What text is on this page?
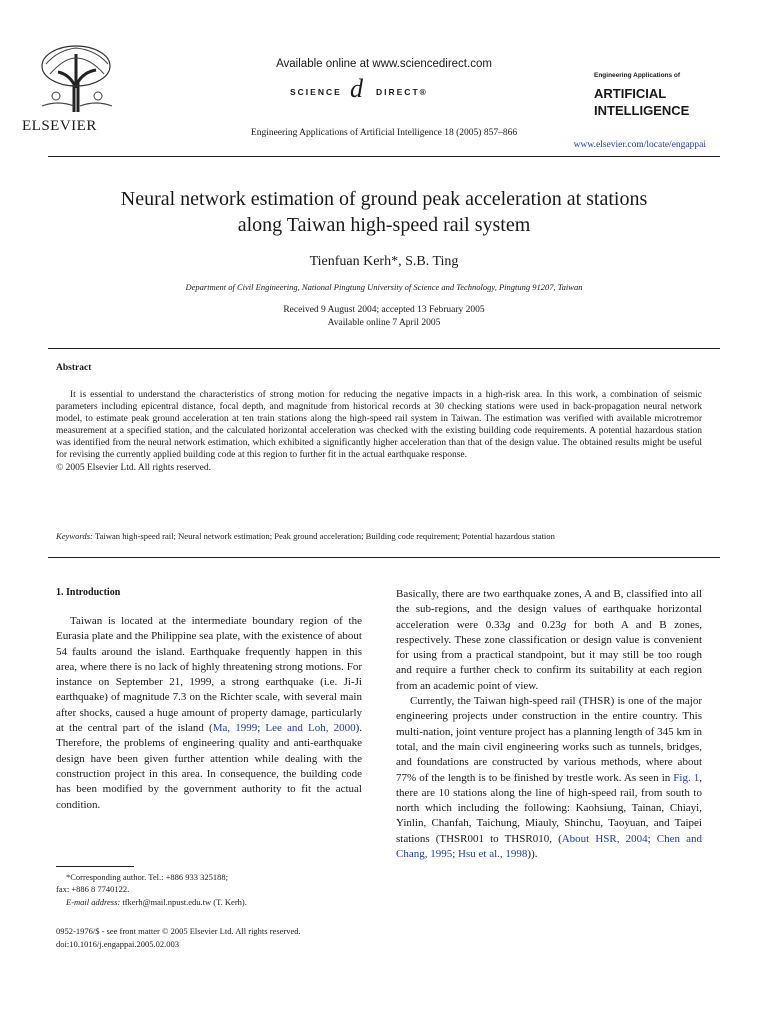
ELSEVIER
Available online at www.sciencedirect.com
SCIENCE d DIRECT®
Engineering Applications of Artificial Intelligence 18 (2005) 857–866
Engineering Applications of
ARTIFICIAL
INTELLIGENCE
www.elsevier.com/locate/engappai
Neural network estimation of ground peak acceleration at stations
along Taiwan high-speed rail system
Tienfuan Kerh*, S.B. Ting
Department of Civil Engineering, National Pingtung University of Science and Technology, Pingtung 91207, Taiwan
Received 9 August 2004; accepted 13 February 2005
Available online 7 April 2005
Abstract

It is essential to understand the characteristics of strong motion for reducing the negative impacts in a high-risk area. In this work, a combination of seismic parameters including epicentral distance, focal depth, and magnitude from historical records at 30 checking stations were used in back-propagation neural network model, to estimate peak ground acceleration at ten train stations along the high-speed rail system in Taiwan. The estimation was verified with available microtremor measurement at a specified station, and the calculated horizontal acceleration was checked with the existing building code requirements. A potential hazardous station was identified from the neural network estimation, which exhibited a significantly higher acceleration than that of the design value. The obtained results might be useful for revising the currently applied building code at this region to further fit in the actual earthquake response.

© 2005 Elsevier Ltd. All rights reserved.

Keywords: Taiwan high-speed rail; Neural network estimation; Peak ground acceleration; Building code requirement; Potential hazardous station
1. Introduction

Taiwan is located at the intermediate boundary region of the Eurasia plate and the Philippine sea plate, with the existence of about 54 faults around the island. Earthquake frequently happen in this area, where there is no lack of highly threatening strong motions. For instance on September 21, 1999, a strong earthquake (i.e. Ji-Ji earthquake) of magnitude 7.3 on the Richter scale, with several main after shocks, caused a huge amount of property damage, particularly at the central part of the island (Ma, 1999; Lee and Loh, 2000). Therefore, the problems of engineering quality and anti-earthquake design have been given further attention while dealing with the construction project in this area. In consequence, the building code has been modified by the government authority to fit the actual condition.

Basically, there are two earthquake zones, A and B, classified into all the sub-regions, and the design values of earthquake horizontal acceleration were 0.33g and 0.23g for both A and B zones, respectively. These zone classification or design value is convenient for using from a practical standpoint, but it may still be too rough and require a further check to confirm its suitability at each region from an academic point of view.

Currently, the Taiwan high-speed rail (THSR) is one of the major engineering projects under construction in the entire country. This multi-nation, joint venture project has a planning length of 345 km in total, and the main civil engineering works such as tunnels, bridges, and foundations are constructed by various methods, where about 77% of the length is to be finished by trestle work. As seen in Fig. 1, there are 10 stations along the line of high-speed rail, from south to north which including the following: Kaohsiung, Tainan, Chiayi, Yinlin, Chanfah, Taichung, Miauly, Shinchu, Taoyuan, and Taipei stations (THSR001 to THSR010, (About HSR, 2004; Chen and Chang, 1995; Hsu et al., 1998)).

*Corresponding author. Tel.: +886 933 325188;
fax: +886 8 7740122.
E-mail address: tfkerh@mail.npust.edu.tw (T. Kerh).
0952-1976/$ - see front matter © 2005 Elsevier Ltd. All rights reserved.
doi:10.1016/j.engappai.2005.02.003
